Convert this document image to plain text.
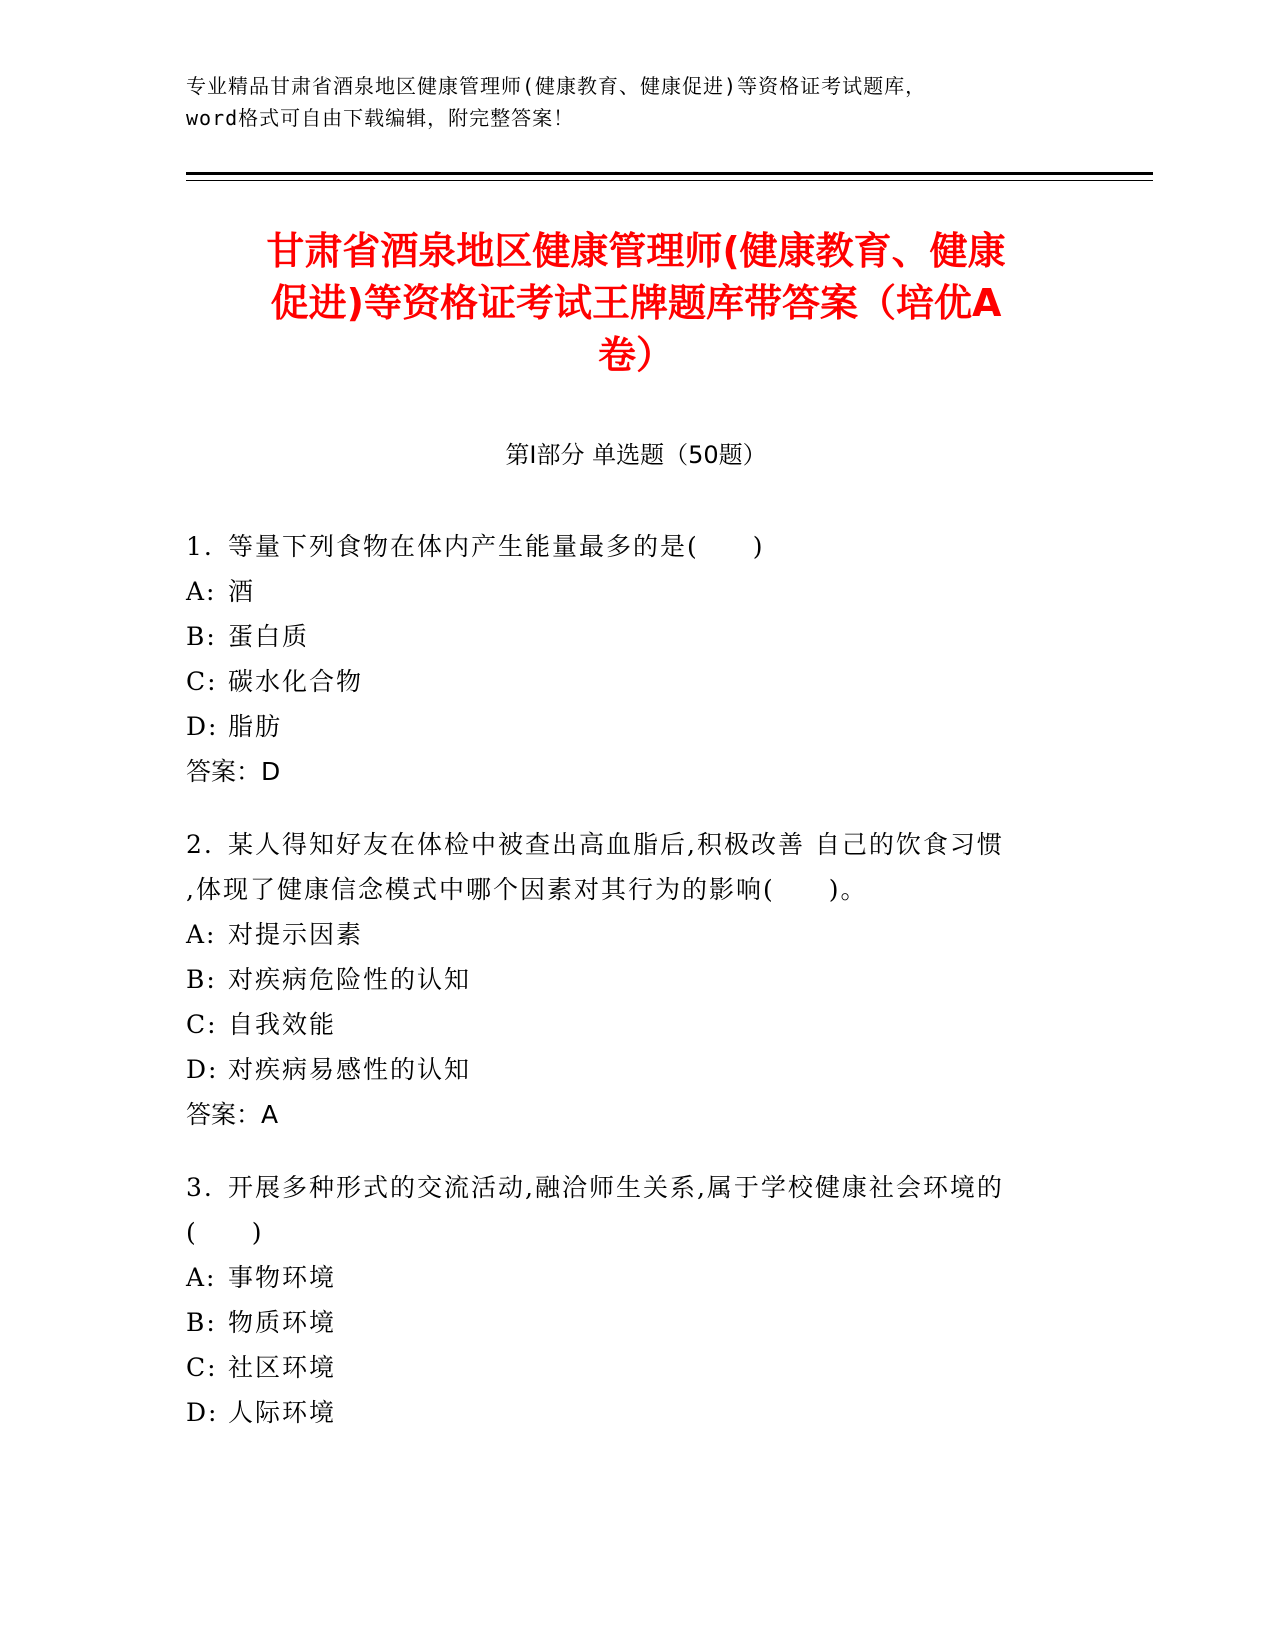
专业精品甘肃省酒泉地区健康管理师(健康教育、健康促进)等资格证考试题库，
word格式可自由下载编辑，附完整答案！
甘肃省酒泉地区健康管理师(健康教育、健康
促进)等资格证考试王牌题库带答案（培优A
卷）
第Ⅰ部分 单选题（50题）
1. 等量下列食物在体内产生能量最多的是(　　)
A: 酒
B: 蛋白质
C: 碳水化合物
D: 脂肪
答案：D
2. 某人得知好友在体检中被查出高血脂后,积极改善 自己的饮食习惯
,体现了健康信念模式中哪个因素对其行为的影响(　　)。
A: 对提示因素
B: 对疾病危险性的认知
C: 自我效能
D: 对疾病易感性的认知
答案：A
3. 开展多种形式的交流活动,融洽师生关系,属于学校健康社会环境的
(　　)
A: 事物环境
B: 物质环境
C: 社区环境
D: 人际环境
